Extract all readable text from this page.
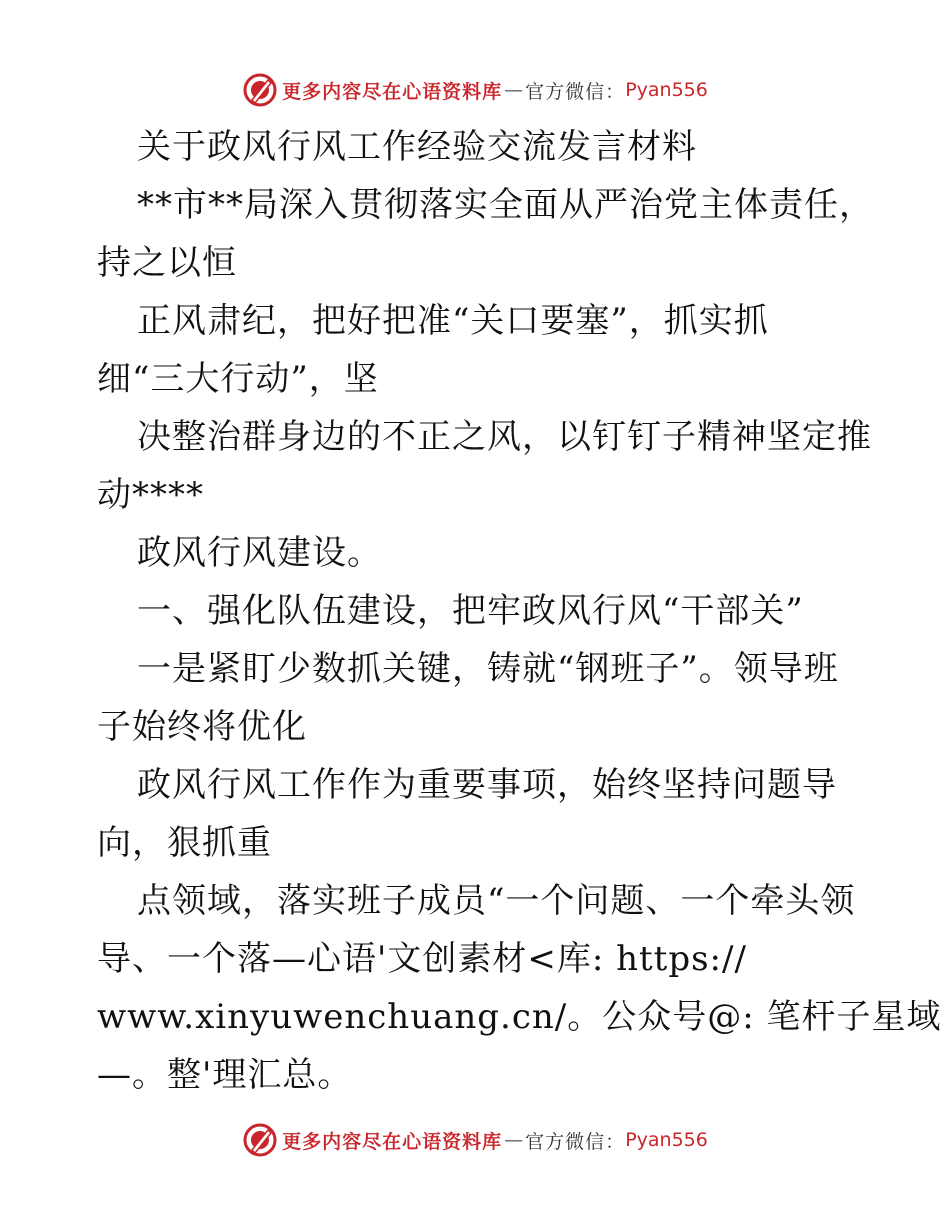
更多内容尽在心语资料库 — 官方微信： Pyan556
关于政风行风工作经验交流发言材料
**市**局深入贯彻落实全面从严治党主体责任，
持之以恒
正风肃纪，把好把准“关口要塞”，抓实抓
细“三大行动”，坚
决整治群身边的不正之风，以钉钉子精神坚定推
动****
政风行风建设。
一、强化队伍建设，把牢政风行风“干部关”
一是紧盯少数抓关键，铸就“钢班子”。领导班
子始终将优化
政风行风工作作为重要事项，始终坚持问题导
向，狠抓重
点领域，落实班子成员“一个问题、一个牵头领
导、一个落—心语'文创素材<库: https://
www.xinyuwenchuang.cn/。公众号@: 笔杆子星域
—。整'理汇总。
更多内容尽在心语资料库 — 官方微信： Pyan556
